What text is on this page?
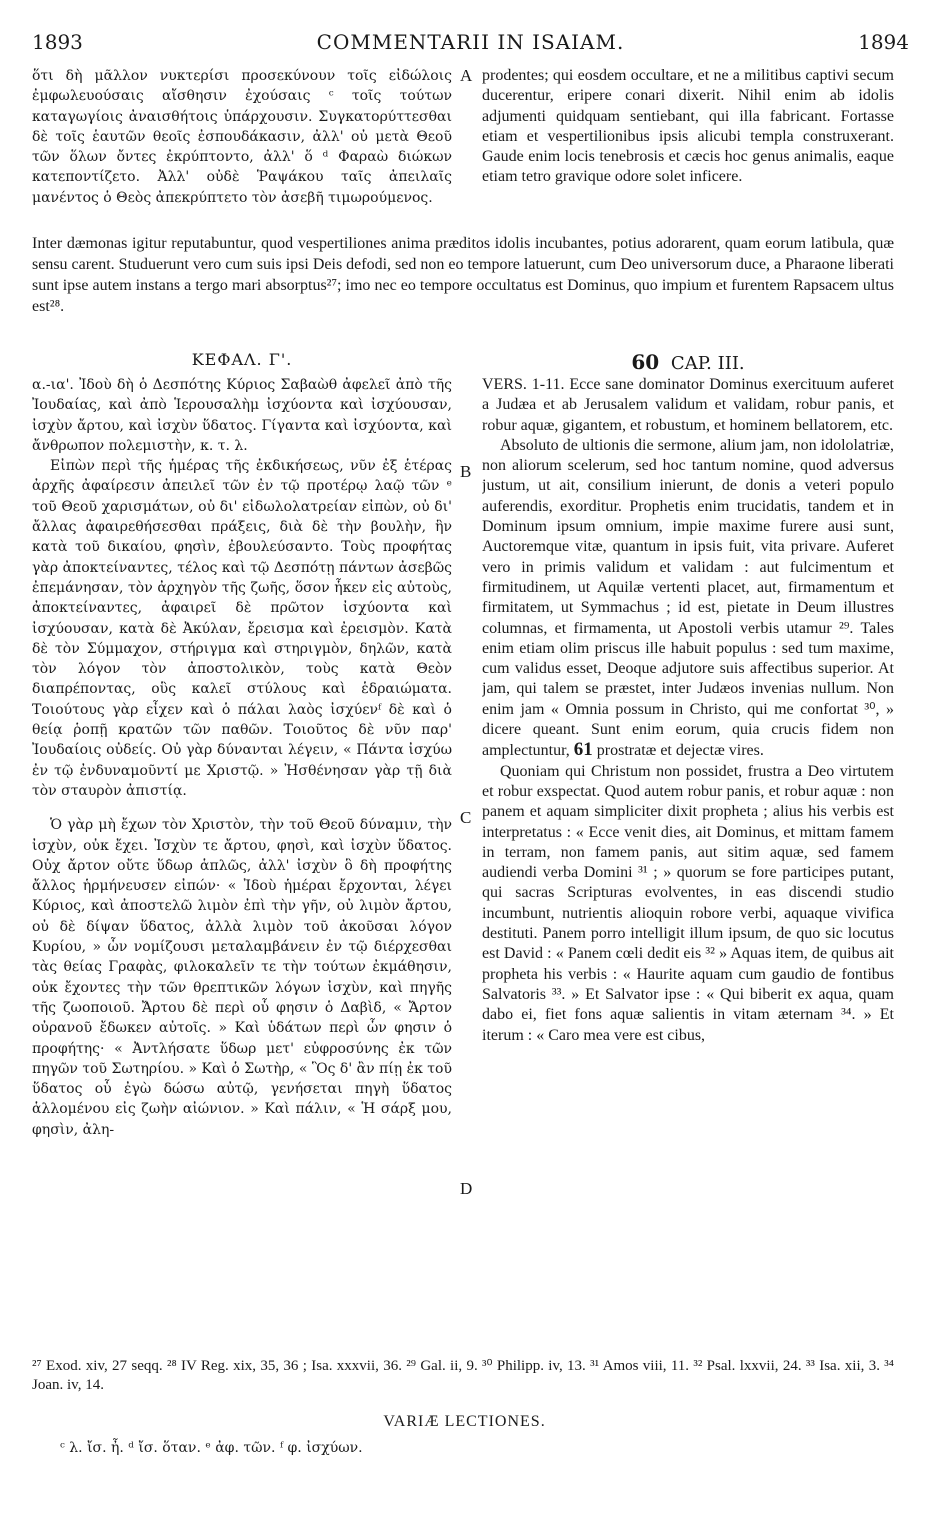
1893	COMMENTARII IN ISAIAM.	1894

ὅτι δὴ μᾶλλον νυκτερίσι προσεκύνουν τοῖς εἰδώλοις ἐμφωλευούσαις αἴσθησιν ἐχούσαις ᶜ τοῖς τούτων καταγωγίοις ἀναισθήτοις ὑπάρχουσιν. Συγκατορύττεσθαι δὲ τοῖς ἑαυτῶν θεοῖς ἐσπουδάκασιν, ἀλλ' οὐ μετὰ Θεοῦ τῶν ὅλων ὄντες ἐκρύπτοντο, ἀλλ' ὅ ᵈ Φαραὼ διώκων κατεποντίζετο. Ἀλλ' οὐδὲ Ῥαψάκου ταῖς ἀπειλαῖς μανέντος ὁ Θεὸς ἀπεκρύπτετο τὸν ἀσεβῆ τιμωρούμενος.

A prodentes; qui eosdem occultare, et ne a militibus captivi secum ducerentur, eripere conari dixerit. Nihil enim ab idolis adjumenti quidquam sentiebant, qui illa fabricant. Fortasse etiam et vespertilionibus ipsis alicubi templa construxerant. Gaude enim locis tenebrosis et cæcis hoc genus animalis, eaque etiam tetro gravique odore solet inficere.

Inter dæmonas igitur reputabuntur, quod vespertiliones anima præditos idolis incubantes, potius adorarent, quam eorum latibula, quæ sensu carent. Studuerunt vero cum suis ipsi Deis defodi, sed non eo tempore latuerunt, cum Deo universorum duce, a Pharaone liberati sunt ipse autem instans a tergo mari absorptus²⁷; imo nec eo tempore occultatus est Dominus, quo impium et furentem Rapsacem ultus est²⁸.

ΚΕΦΑΛ. Γ'.	60 CAP. III.

α.-ια'. Ἰδοὺ δὴ ὁ Δεσπότης Κύριος Σαβαὼθ ἀφελεῖ ἀπὸ τῆς Ἰουδαίας, καὶ ἀπὸ Ἱερουσαλὴμ ἰσχύοντα καὶ ἰσχύουσαν, ἰσχὺν ἄρτου, καὶ ἰσχὺν ὕδατος. Γίγαντα καὶ ἰσχύοντα, καὶ ἄνθρωπον πολεμιστὴν, κ. τ. λ.

Εἰπὼν περὶ τῆς ἡμέρας τῆς ἐκδικήσεως, νῦν ἐξ ἑτέρας ἀρχῆς ἀφαίρεσιν ἀπειλεῖ τῶν ἐν τῷ προτέρῳ λαῷ τῶν ᵉ τοῦ Θεοῦ χαρισμάτων, οὐ δι' εἰδωλολατρείαν εἰπὼν, οὐ δι' ἄλλας ἀφαιρεθήσεσθαι πράξεις, διὰ δὲ τὴν βουλὴν, ἣν κατὰ τοῦ δικαίου, φησὶν, ἐβουλεύσαντο. Τοὺς προφήτας γὰρ ἀποκτείναντες, τέλος καὶ τῷ Δεσπότῃ πάντων ἀσεβῶς ἐπεμάνησαν, τὸν ἀρχηγὸν τῆς ζωῆς, ὅσον ἧκεν εἰς αὐτοὺς, ἀποκτείναντες, ἀφαιρεῖ δὲ πρῶτον ἰσχύοντα καὶ ἰσχύουσαν, κατὰ δὲ Ἀκύλαν, ἔρεισμα καὶ ἐρεισμὸν. Κατὰ δὲ τὸν Σύμμαχον, στήριγμα καὶ στηριγμὸν, δηλῶν, κατὰ τὸν λόγον τὸν ἀποστολικὸν, τοὺς κατὰ Θεὸν διαπρέποντας, οὓς καλεῖ στύλους καὶ ἑδραιώματα. Τοιούτους γὰρ εἶχεν καὶ ὁ πάλαι λαὸς ἰσχύενᶠ δὲ καὶ ὁ θείᾳ ῥοπῇ κρατῶν τῶν παθῶν. Τοιοῦτος δὲ νῦν παρ' Ἰουδαίοις οὐδείς. Οὐ γὰρ δύνανται λέγειν, « Πάντα ἰσχύω ἐν τῷ ἐνδυναμοῦντί με Χριστῷ. » Ἠσθένησαν γὰρ τῇ διὰ τὸν σταυρὸν ἀπιστίᾳ.

Ὁ γὰρ μὴ ἔχων τὸν Χριστὸν, τὴν τοῦ Θεοῦ δύναμιν, τὴν ἰσχὺν, οὐκ ἔχει. Ἰσχὺν τε ἄρτου, φησὶ, καὶ ἰσχὺν ὕδατος. Οὐχ ἄρτον οὔτε ὕδωρ ἁπλῶς, ἀλλ' ἰσχὺν ὃ δὴ προφήτης ἄλλος ἡρμήνευσεν εἰπών· « Ἰδοὺ ἡμέραι ἔρχονται, λέγει Κύριος, καὶ ἀποστελῶ λιμὸν ἐπὶ τὴν γῆν, οὐ λιμὸν ἄρτου, οὐ δὲ δίψαν ὕδατος, ἀλλὰ λιμὸν τοῦ ἀκοῦσαι λόγον Κυρίου, » ὧν νομίζουσι μεταλαμβάνειν ἐν τῷ διέρχεσθαι τὰς θείας Γραφὰς, φιλοκαλεῖν τε τὴν τούτων ἐκμάθησιν, οὐκ ἔχοντες τὴν τῶν θρεπτικῶν λόγων ἰσχὺν, καὶ πηγῆς τῆς ζωοποιοῦ. Ἄρτου δὲ περὶ οὗ φησιν ὁ Δαβὶδ, « Ἄρτον οὐρανοῦ ἔδωκεν αὐτοῖς. » Καὶ ὑδάτων περὶ ὧν φησιν ὁ προφήτης· « Ἀντλήσατε ὕδωρ μετ' εὐφροσύνης ἐκ τῶν πηγῶν τοῦ Σωτηρίου. » Καὶ ὁ Σωτὴρ, « Ὃς δ' ἂν πίῃ ἐκ τοῦ ὕδατος οὗ ἐγὼ δώσω αὐτῷ, γενήσεται πηγὴ ὕδατος ἁλλομένου εἰς ζωὴν αἰώνιον. » Καὶ πάλιν, « Ἡ σάρξ μου, φησὶν, ἀλη-

B
C
D

VERS. 1-11. Ecce sane dominator Dominus exercituum auferet a Judæa et ab Jerusalem validum et validam, robur panis, et robur aquæ, gigantem, et robustum, et hominem bellatorem, etc.

Absoluto de ultionis die sermone, alium jam, non idololatriæ, non aliorum scelerum, sed hoc tantum nomine, quod adversus justum, ut ait, consilium inierunt, de donis a veteri populo auferendis, exorditur. Prophetis enim trucidatis, tandem et in Dominum ipsum omnium, impie maxime furere ausi sunt, Auctoremque vitæ, quantum in ipsis fuit, vita privare. Auferet vero in primis validum et validam : aut fulcimentum et firmitudinem, ut Aquilæ vertenti placet, aut, firmamentum et firmitatem, ut Symmachus ; id est, pietate in Deum illustres columnas, et firmamenta, ut Apostoli verbis utamur ²⁹. Tales enim etiam olim priscus ille habuit populus : sed tum maxime, cum validus esset, Deoque adjutore suis affectibus superior. At jam, qui talem se præstet, inter Judæos invenias nullum. Non enim jam « Omnia possum in Christo, qui me confortat ³⁰, » dicere queant. Sunt enim eorum, quia crucis fidem non amplectuntur, 61 prostratæ et dejectæ vires.

Quoniam qui Christum non possidet, frustra a Deo virtutem et robur exspectat. Quod autem robur panis, et robur aquæ : non panem et aquam simpliciter dixit propheta ; alius his verbis est interpretatus : « Ecce venit dies, ait Dominus, et mittam famem in terram, non famem panis, aut sitim aquæ, sed famem audiendi verba Domini ³¹ ; » quorum se fore participes putant, qui sacras Scripturas evolventes, in eas discendi studio incumbunt, nutrientis alioquin robore verbi, aquaque vivifica destituti. Panem porro intelligit illum ipsum, de quo sic locutus est David : « Panem cœli dedit eis ³² » Aquas item, de quibus ait propheta his verbis : « Haurite aquam cum gaudio de fontibus Salvatoris ³³. » Et Salvator ipse : « Qui biberit ex aqua, quam dabo ei, fiet fons aquæ salientis in vitam æternam ³⁴. » Et iterum : « Caro mea vere est cibus,

²⁷ Exod. xiv, 27 seqq. ²⁸ IV Reg. xix, 35, 36 ; Isa. xxxvii, 36. ²⁹ Gal. ii, 9. ³⁰ Philipp. iv, 13. ³¹ Amos viii, 11. ³² Psal. lxxvii, 24. ³³ Isa. xii, 3. ³⁴ Joan. iv, 14.
VARIÆ LECTIONES.
ᶜ λ. ἴσ. ἦ. ᵈ ἴσ. ὅταν. ᵉ ἀφ. τῶν. ᶠ φ. ἰσχύων.
